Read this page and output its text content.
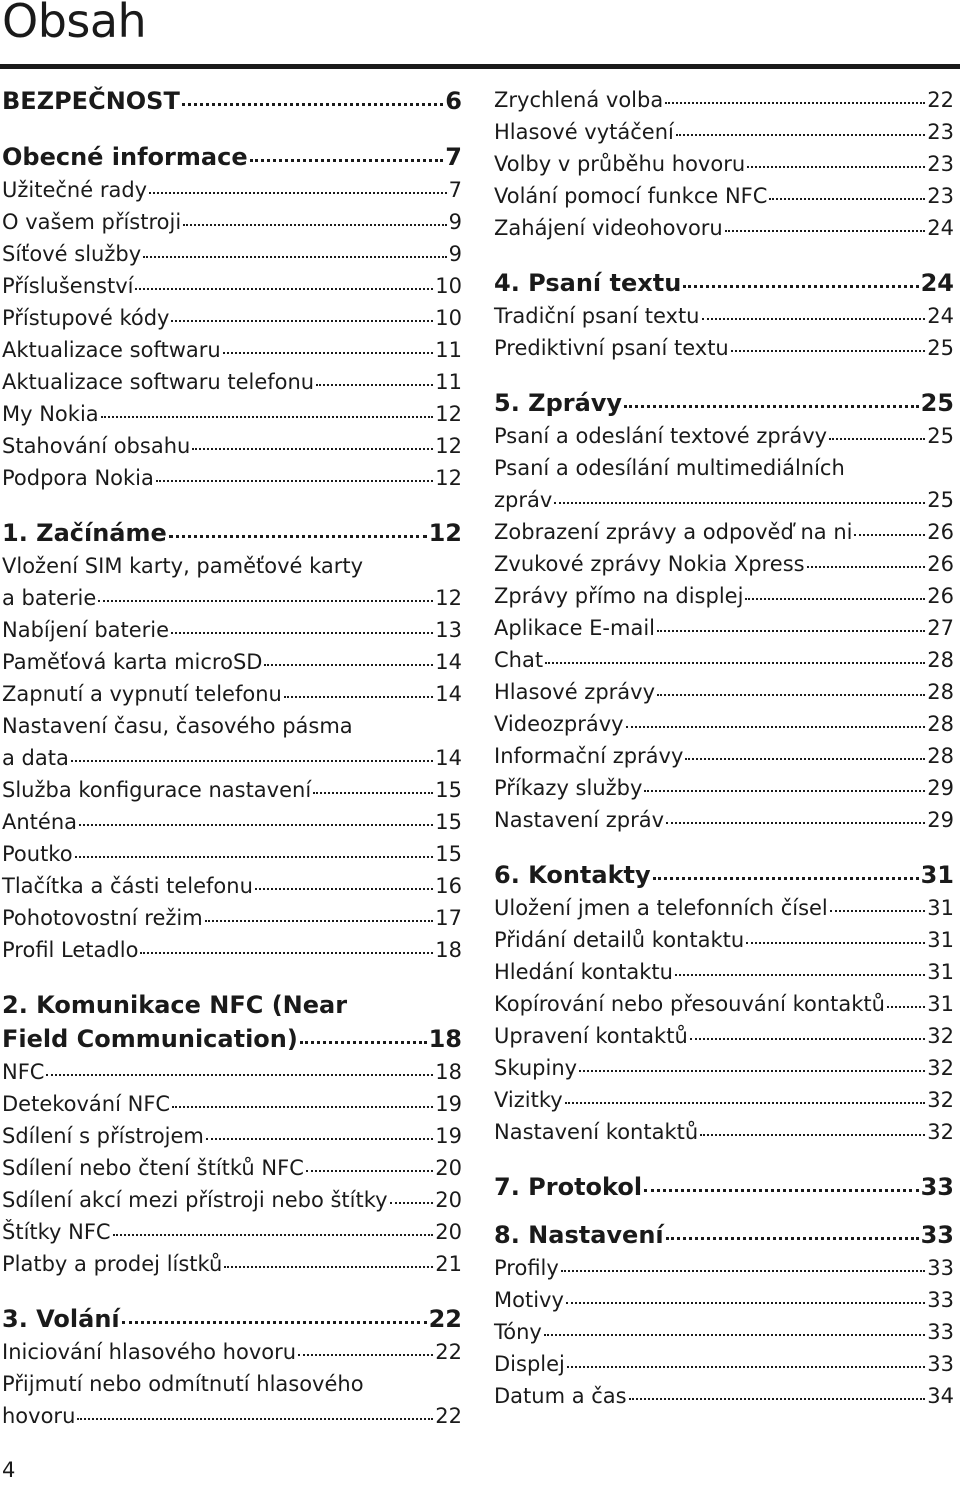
Obsah
BEZPEČNOST	6
Obecné informace	7
Užitečné rady	7
O vašem přístroji	9
Síťové služby	9
Příslušenství	10
Přístupové kódy	10
Aktualizace softwaru	11
Aktualizace softwaru telefonu	11
My Nokia	12
Stahování obsahu	12
Podpora Nokia	12
1. Začínáme	12
Vložení SIM karty, paměťové karty
a baterie	12
Nabíjení baterie	13
Paměťová karta microSD	14
Zapnutí a vypnutí telefonu	14
Nastavení času, časového pásma
a data	14
Služba konfigurace nastavení	15
Anténa	15
Poutko	15
Tlačítka a části telefonu	16
Pohotovostní režim	17
Profil Letadlo	18
2. Komunikace NFC (Near
Field Communication)	18
NFC	18
Detekování NFC	19
Sdílení s přístrojem	19
Sdílení nebo čtení štítků NFC	20
Sdílení akcí mezi přístroji nebo štítky 20
Štítky NFC	20
Platby a prodej lístků	21
3. Volání	22
Iniciování hlasového hovoru	22
Přijmutí nebo odmítnutí hlasového
hovoru	22
Zrychlená volba	22
Hlasové vytáčení	23
Volby v průběhu hovoru	23
Volání pomocí funkce NFC	23
Zahájení videohovoru	24
4. Psaní textu	24
Tradiční psaní textu	24
Prediktivní psaní textu	25
5. Zprávy	25
Psaní a odeslání textové zprávy	25
Psaní a odesílání multimediálních
zpráv	25
Zobrazení zprávy a odpověď na ni	26
Zvukové zprávy Nokia Xpress	26
Zprávy přímo na displej	26
Aplikace E-mail	27
Chat	28
Hlasové zprávy	28
Videozprávy	28
Informační zprávy	28
Příkazy služby	29
Nastavení zpráv	29
6. Kontakty	31
Uložení jmen a telefonních čísel	31
Přidání detailů kontaktu	31
Hledání kontaktu	31
Kopírování nebo přesouvání kontaktů 31
Upravení kontaktů	32
Skupiny	32
Vizitky	32
Nastavení kontaktů	32
7. Protokol	33
8. Nastavení	33
Profily	33
Motivy	33
Tóny	33
Displej	33
Datum a čas	34
4
